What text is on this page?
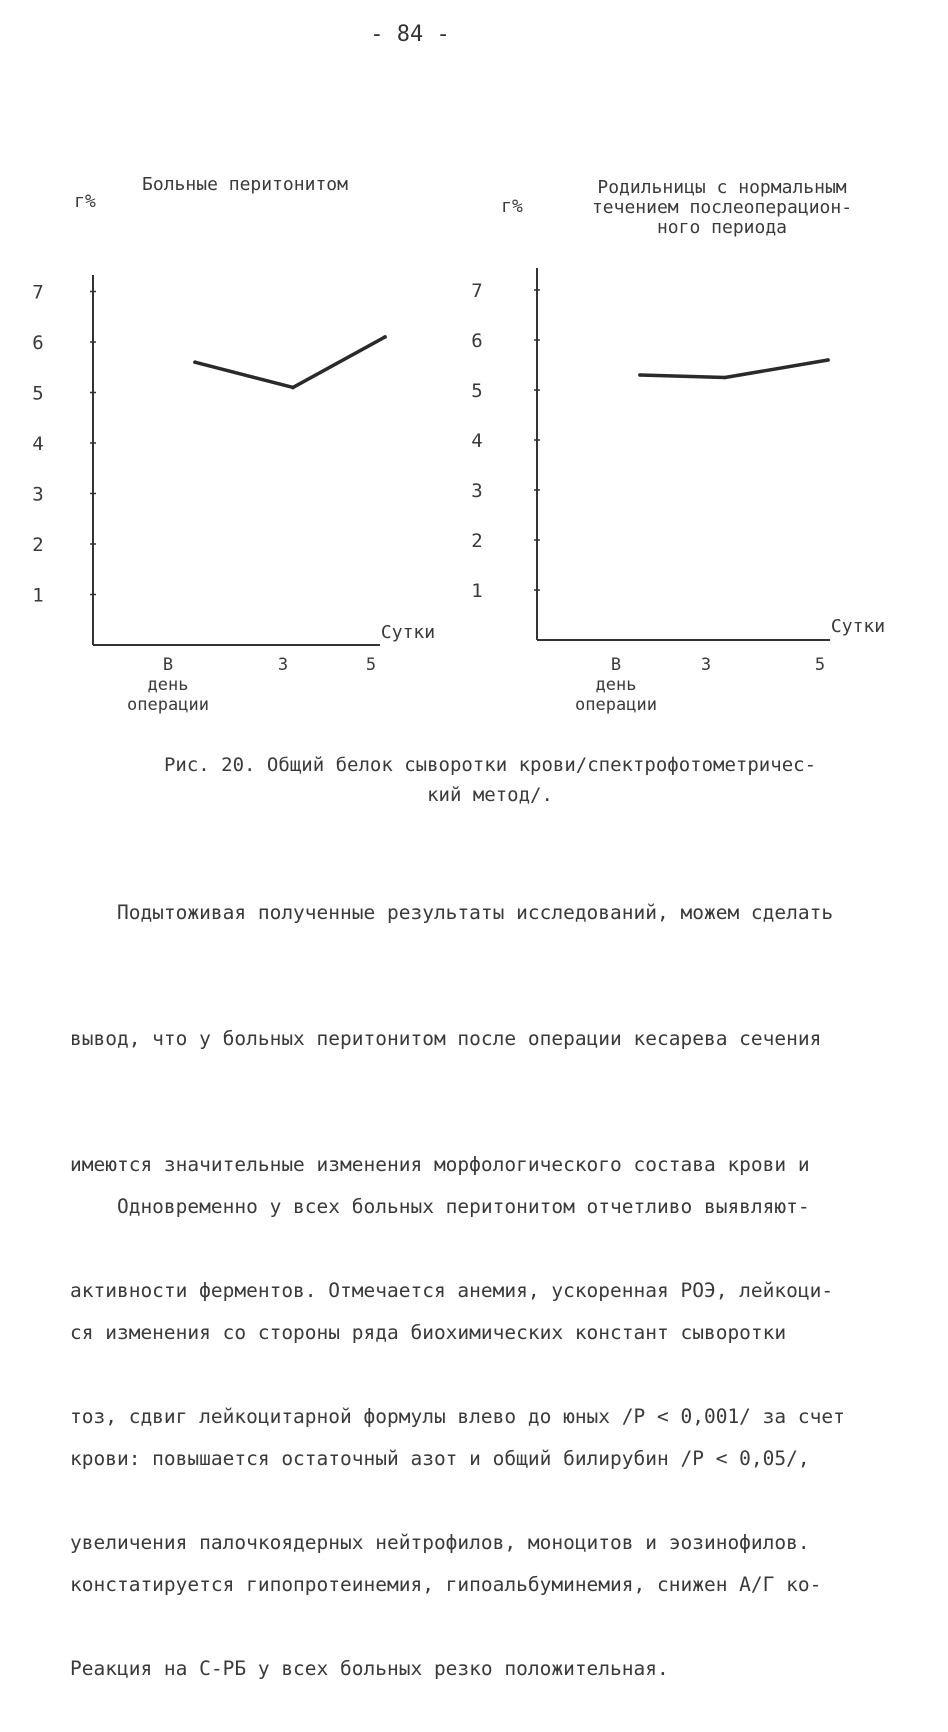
- 84 -
Больные перитонитом
г%
1
2
3
4
5
6
7
Сутки
В
день
операции
3	5
Родильницы с нормальным
течением послеоперацион-
ного периода
г%
1
2
3
4
5
6
7
Сутки
В
день
операции
3	5
Рис. 20. Общий белок сыворотки крови/спектрофотометричес-
кий метод/.

Подытоживая полученные результаты исследований, можем сделать

вывод, что у больных перитонитом после операции кесарева сечения

имеются значительные изменения морфологического состава крови и

активности ферментов. Отмечается анемия, ускоренная РОЭ, лейкоци-

тоз, сдвиг лейкоцитарной формулы влево до юных /Р < 0,001/ за счет

увеличения палочкоядерных нейтрофилов, моноцитов и эозинофилов.

Реакция на С-РБ у всех больных резко положительная.

Одновременно у всех больных перитонитом отчетливо выявляют-

ся изменения со стороны ряда биохимических констант сыворотки

крови: повышается остаточный азот и общий билирубин /Р < 0,05/,

констатируется гипопротеинемия, гипоальбуминемия, снижен А/Г ко-
